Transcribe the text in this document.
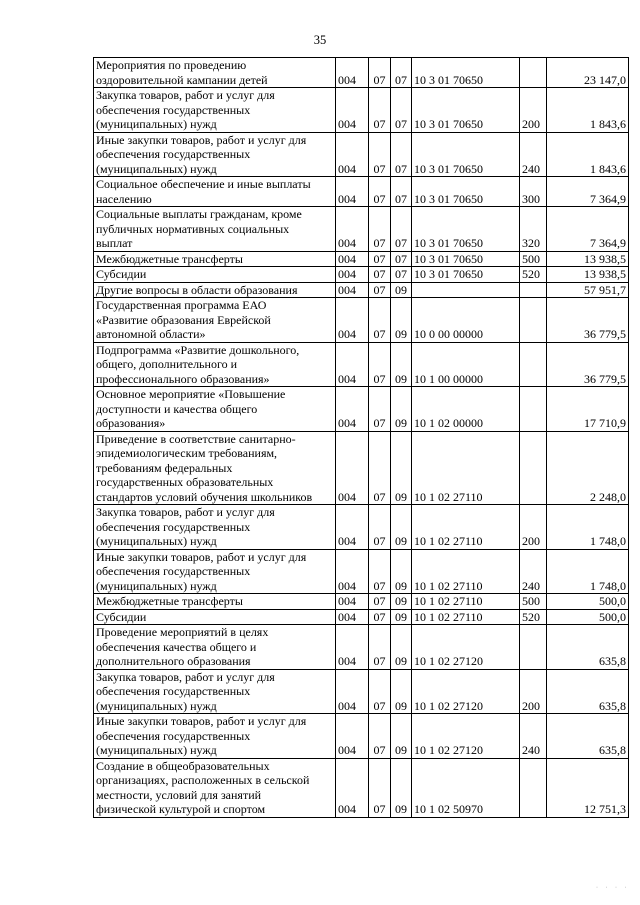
35
Мероприятия по проведению
оздоровительной кампании детей	004	07	07	10 3 01 70650		23 147,0
Закупка товаров, работ и услуг для
обеспечения государственных
(муниципальных) нужд	004	07	07	10 3 01 70650	200	1 843,6
Иные закупки товаров, работ и услуг для
обеспечения государственных
(муниципальных) нужд	004	07	07	10 3 01 70650	240	1 843,6
Социальное обеспечение и иные выплаты
населению	004	07	07	10 3 01 70650	300	7 364,9
Социальные выплаты гражданам, кроме
публичных нормативных социальных
выплат	004	07	07	10 3 01 70650	320	7 364,9
Межбюджетные трансферты	004	07	07	10 3 01 70650	500	13 938,5
Субсидии	004	07	07	10 3 01 70650	520	13 938,5
Другие вопросы в области образования	004	07	09			57 951,7
Государственная программа ЕАО
«Развитие образования Еврейской
автономной области»	004	07	09	10 0 00 00000		36 779,5
Подпрограмма «Развитие дошкольного,
общего, дополнительного и
профессионального образования»	004	07	09	10 1 00 00000		36 779,5
Основное мероприятие «Повышение
доступности и качества общего
образования»	004	07	09	10 1 02 00000		17 710,9
Приведение в соответствие санитарно-
эпидемиологическим требованиям,
требованиям федеральных
государственных образовательных
стандартов условий обучения школьников	004	07	09	10 1 02 27110		2 248,0
Закупка товаров, работ и услуг для
обеспечения государственных
(муниципальных) нужд	004	07	09	10 1 02 27110	200	1 748,0
Иные закупки товаров, работ и услуг для
обеспечения государственных
(муниципальных) нужд	004	07	09	10 1 02 27110	240	1 748,0
Межбюджетные трансферты	004	07	09	10 1 02 27110	500	500,0
Субсидии	004	07	09	10 1 02 27110	520	500,0
Проведение мероприятий в целях
обеспечения качества общего и
дополнительного образования	004	07	09	10 1 02 27120		635,8
Закупка товаров, работ и услуг для
обеспечения государственных
(муниципальных) нужд	004	07	09	10 1 02 27120	200	635,8
Иные закупки товаров, работ и услуг для
обеспечения государственных
(муниципальных) нужд	004	07	09	10 1 02 27120	240	635,8
Создание в общеобразовательных
организациях, расположенных в сельской
местности, условий для занятий
физической культурой и спортом	004	07	09	10 1 02 50970		12 751,3
· · · ·
